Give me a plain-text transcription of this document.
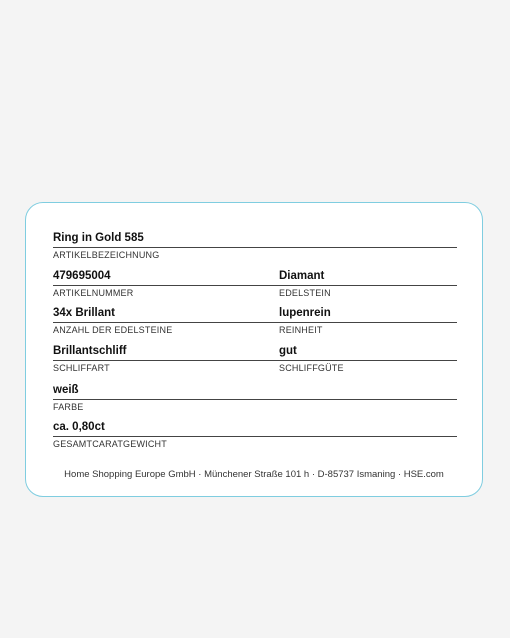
Ring in Gold 585
ARTIKELBEZEICHNUNG
479695004	Diamant
ARTIKELNUMMER	EDELSTEIN
34x Brillant	lupenrein
ANZAHL DER EDELSTEINE	REINHEIT
Brillantschliff	gut
SCHLIFFART	SCHLIFFGÜTE
weiß
FARBE
ca. 0,80ct
GESAMTCARATGEWICHT
Home Shopping Europe GmbH · Münchener Straße 101 h · D-85737 Ismaning · HSE.com
